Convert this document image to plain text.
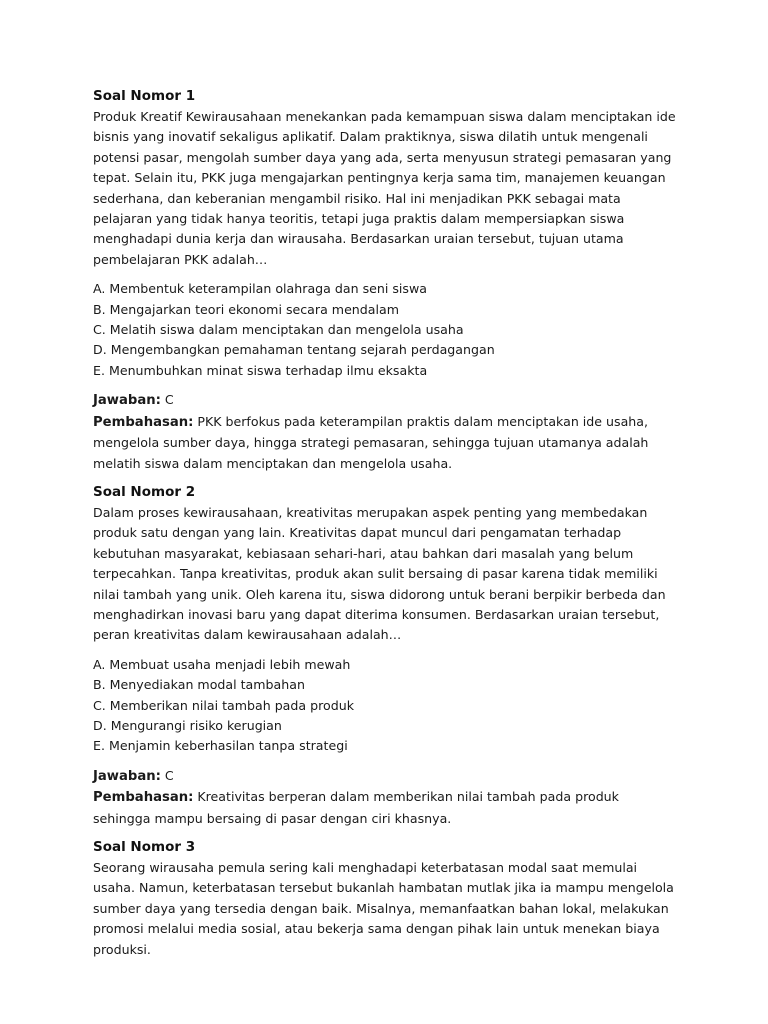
Soal Nomor 1

Produk Kreatif Kewirausahaan menekankan pada kemampuan siswa dalam menciptakan ide bisnis yang inovatif sekaligus aplikatif. Dalam praktiknya, siswa dilatih untuk mengenali potensi pasar, mengolah sumber daya yang ada, serta menyusun strategi pemasaran yang tepat. Selain itu, PKK juga mengajarkan pentingnya kerja sama tim, manajemen keuangan sederhana, dan keberanian mengambil risiko. Hal ini menjadikan PKK sebagai mata pelajaran yang tidak hanya teoritis, tetapi juga praktis dalam mempersiapkan siswa menghadapi dunia kerja dan wirausaha. Berdasarkan uraian tersebut, tujuan utama pembelajaran PKK adalah…

A. Membentuk keterampilan olahraga dan seni siswa
B. Mengajarkan teori ekonomi secara mendalam
C. Melatih siswa dalam menciptakan dan mengelola usaha
D. Mengembangkan pemahaman tentang sejarah perdagangan
E. Menumbuhkan minat siswa terhadap ilmu eksakta

Jawaban: C

Pembahasan: PKK berfokus pada keterampilan praktis dalam menciptakan ide usaha, mengelola sumber daya, hingga strategi pemasaran, sehingga tujuan utamanya adalah melatih siswa dalam menciptakan dan mengelola usaha.

Soal Nomor 2

Dalam proses kewirausahaan, kreativitas merupakan aspek penting yang membedakan produk satu dengan yang lain. Kreativitas dapat muncul dari pengamatan terhadap kebutuhan masyarakat, kebiasaan sehari-hari, atau bahkan dari masalah yang belum terpecahkan. Tanpa kreativitas, produk akan sulit bersaing di pasar karena tidak memiliki nilai tambah yang unik. Oleh karena itu, siswa didorong untuk berani berpikir berbeda dan menghadirkan inovasi baru yang dapat diterima konsumen. Berdasarkan uraian tersebut, peran kreativitas dalam kewirausahaan adalah…

A. Membuat usaha menjadi lebih mewah
B. Menyediakan modal tambahan
C. Memberikan nilai tambah pada produk
D. Mengurangi risiko kerugian
E. Menjamin keberhasilan tanpa strategi

Jawaban: C

Pembahasan: Kreativitas berperan dalam memberikan nilai tambah pada produk sehingga mampu bersaing di pasar dengan ciri khasnya.

Soal Nomor 3

Seorang wirausaha pemula sering kali menghadapi keterbatasan modal saat memulai usaha. Namun, keterbatasan tersebut bukanlah hambatan mutlak jika ia mampu mengelola sumber daya yang tersedia dengan baik. Misalnya, memanfaatkan bahan lokal, melakukan promosi melalui media sosial, atau bekerja sama dengan pihak lain untuk menekan biaya produksi.
